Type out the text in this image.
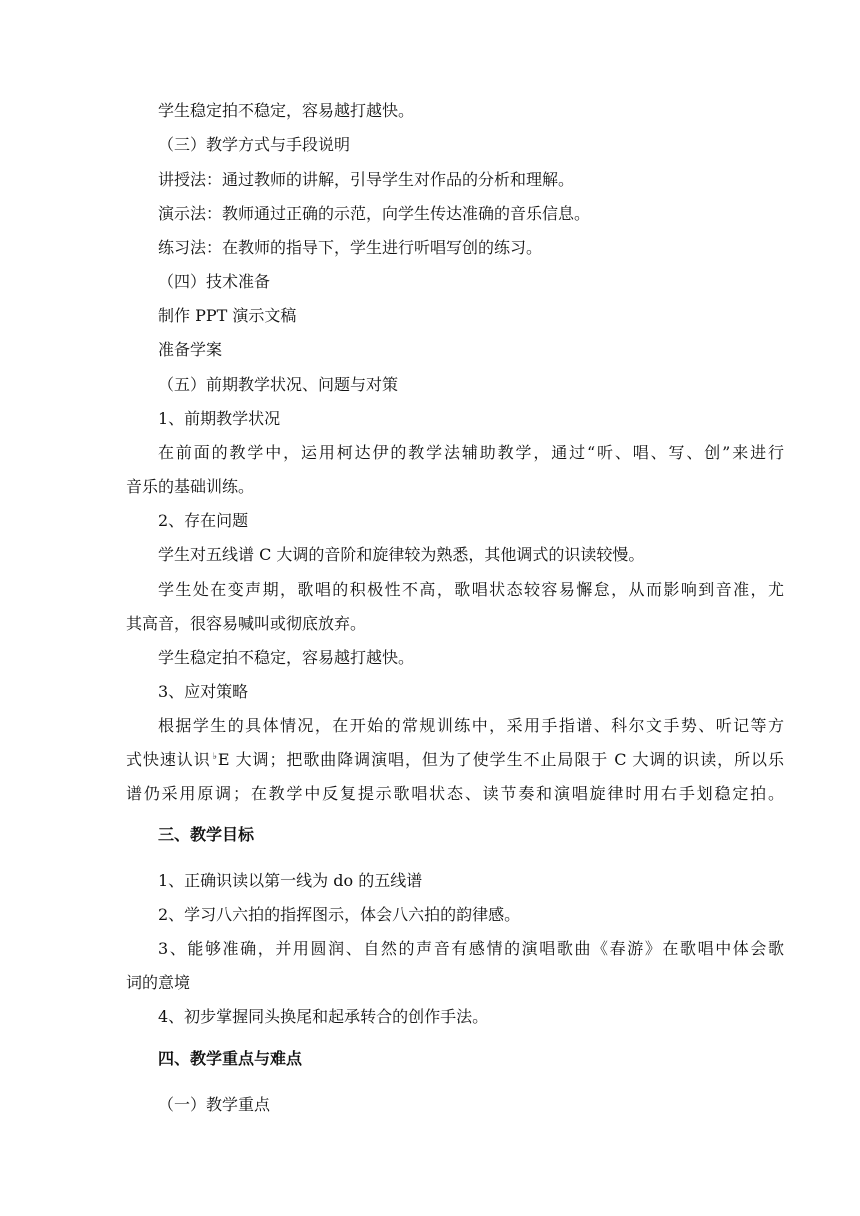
学生稳定拍不稳定，容易越打越快。
（三）教学方式与手段说明
讲授法：通过教师的讲解，引导学生对作品的分析和理解。
演示法：教师通过正确的示范，向学生传达准确的音乐信息。
练习法：在教师的指导下，学生进行听唱写创的练习。
（四）技术准备
制作 PPT 演示文稿
准备学案
（五）前期教学状况、问题与对策
1、前期教学状况
在前面的教学中，运用柯达伊的教学法辅助教学，通过“听、唱、写、创”来进行
音乐的基础训练。
2、存在问题
学生对五线谱 C 大调的音阶和旋律较为熟悉，其他调式的识读较慢。
学生处在变声期，歌唱的积极性不高，歌唱状态较容易懈怠，从而影响到音准，尤
其高音，很容易喊叫或彻底放弃。
学生稳定拍不稳定，容易越打越快。
3、应对策略
根据学生的具体情况，在开始的常规训练中，采用手指谱、科尔文手势、听记等方
式快速认识 ♭E 大调；把歌曲降调演唱，但为了使学生不止局限于 C 大调的识读，所以乐
谱仍采用原调；在教学中反复提示歌唱状态、读节奏和演唱旋律时用右手划稳定拍。
三、教学目标
1、正确识读以第一线为 do 的五线谱
2、学习八六拍的指挥图示，体会八六拍的韵律感。
3、能够准确，并用圆润、自然的声音有感情的演唱歌曲《春游》在歌唱中体会歌
词的意境
4、初步掌握同头换尾和起承转合的创作手法。
四、教学重点与难点
（一）教学重点
